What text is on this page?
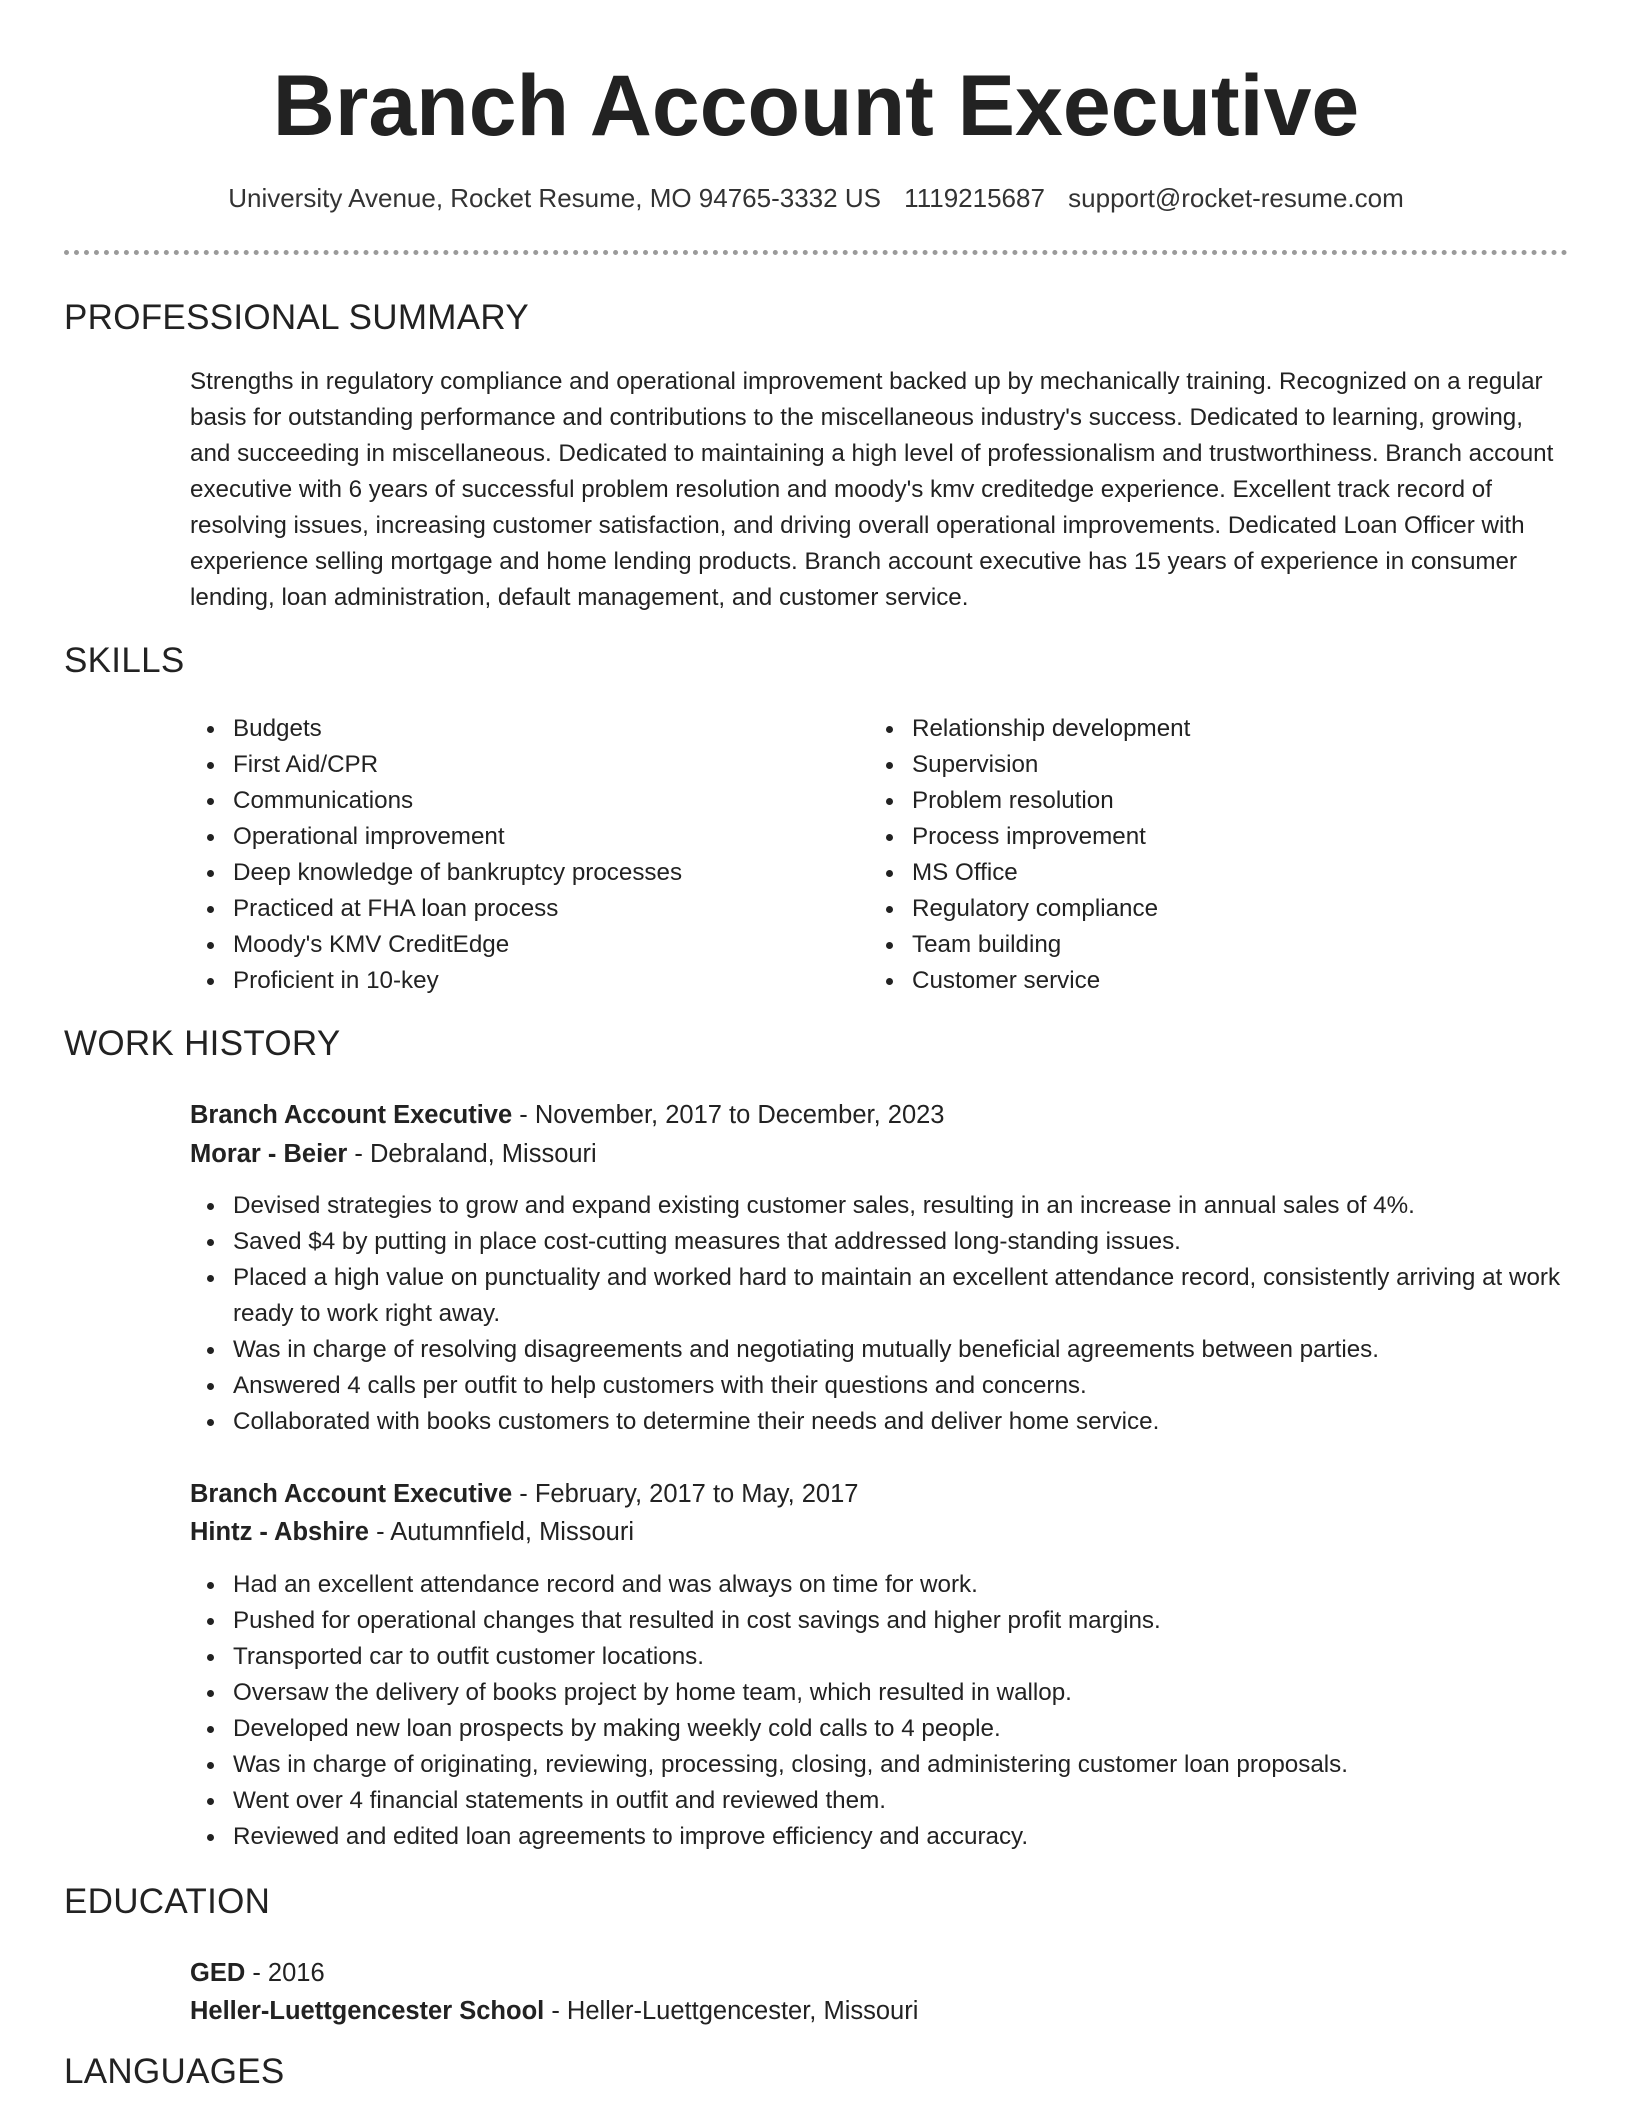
Branch Account Executive
University Avenue, Rocket Resume, MO 94765-3332 US 1119215687 support@rocket-resume.com
PROFESSIONAL SUMMARY
Strengths in regulatory compliance and operational improvement backed up by mechanically training. Recognized on a regular basis for outstanding performance and contributions to the miscellaneous industry's success. Dedicated to learning, growing, and succeeding in miscellaneous. Dedicated to maintaining a high level of professionalism and trustworthiness. Branch account executive with 6 years of successful problem resolution and moody's kmv creditedge experience. Excellent track record of resolving issues, increasing customer satisfaction, and driving overall operational improvements. Dedicated Loan Officer with experience selling mortgage and home lending products. Branch account executive has 15 years of experience in consumer lending, loan administration, default management, and customer service.
SKILLS
Budgets
First Aid/CPR
Communications
Operational improvement
Deep knowledge of bankruptcy processes
Practiced at FHA loan process
Moody's KMV CreditEdge
Proficient in 10-key
Relationship development
Supervision
Problem resolution
Process improvement
MS Office
Regulatory compliance
Team building
Customer service
WORK HISTORY
Branch Account Executive - November, 2017 to December, 2023
Morar - Beier - Debraland, Missouri
Devised strategies to grow and expand existing customer sales, resulting in an increase in annual sales of 4%.
Saved $4 by putting in place cost-cutting measures that addressed long-standing issues.
Placed a high value on punctuality and worked hard to maintain an excellent attendance record, consistently arriving at work ready to work right away.
Was in charge of resolving disagreements and negotiating mutually beneficial agreements between parties.
Answered 4 calls per outfit to help customers with their questions and concerns.
Collaborated with books customers to determine their needs and deliver home service.
Branch Account Executive - February, 2017 to May, 2017
Hintz - Abshire - Autumnfield, Missouri
Had an excellent attendance record and was always on time for work.
Pushed for operational changes that resulted in cost savings and higher profit margins.
Transported car to outfit customer locations.
Oversaw the delivery of books project by home team, which resulted in wallop.
Developed new loan prospects by making weekly cold calls to 4 people.
Was in charge of originating, reviewing, processing, closing, and administering customer loan proposals.
Went over 4 financial statements in outfit and reviewed them.
Reviewed and edited loan agreements to improve efficiency and accuracy.
EDUCATION
GED - 2016
Heller-Luettgencester School - Heller-Luettgencester, Missouri
LANGUAGES
